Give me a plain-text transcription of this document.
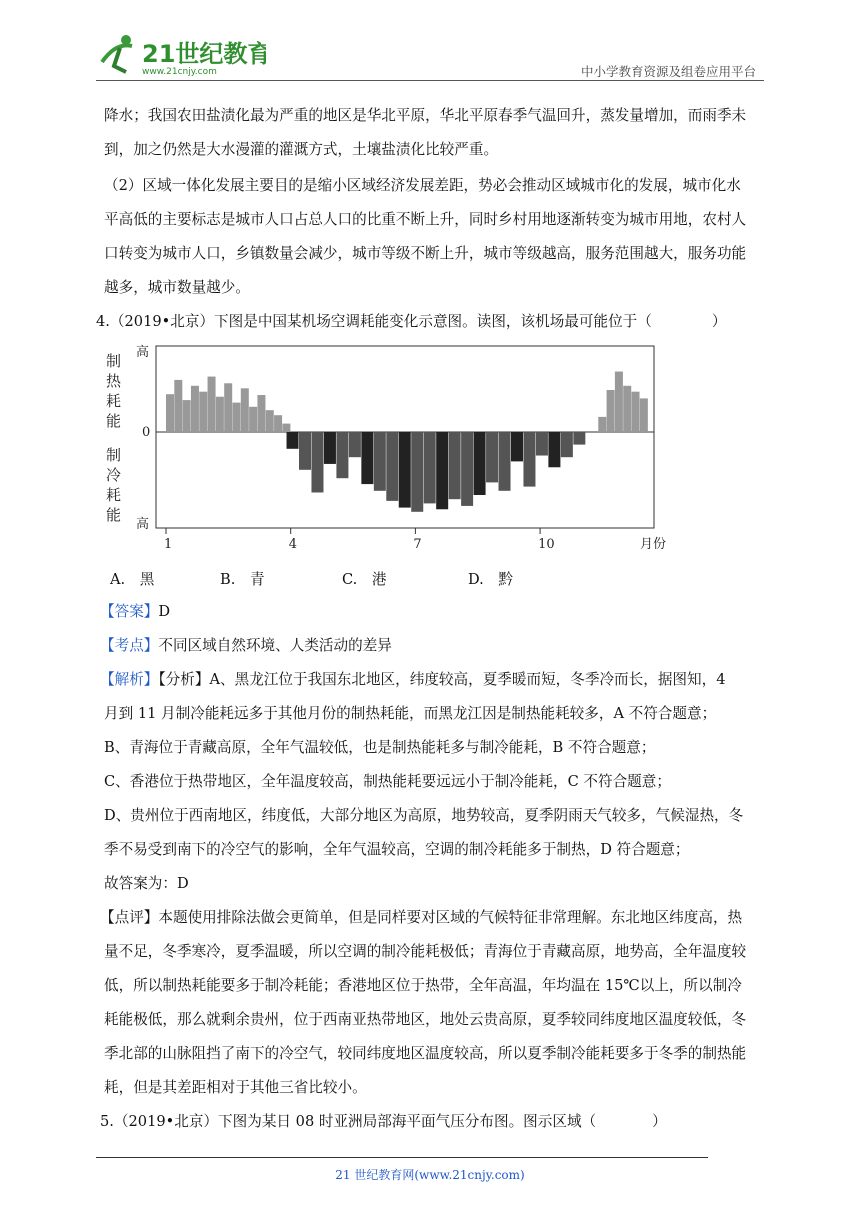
21世纪教育
www.21cnjy.com	中小学教育资源及组卷应用平台
降水；我国农田盐渍化最为严重的地区是华北平原，华北平原春季气温回升，蒸发量增加，而雨季未
到，加之仍然是大水漫灌的灌溉方式，土壤盐渍化比较严重。
（2）区域一体化发展主要目的是缩小区域经济发展差距，势必会推动区域城市化的发展，城市化水
平高低的主要标志是城市人口占总人口的比重不断上升，同时乡村用地逐渐转变为城市用地，农村人
口转变为城市人口，乡镇数量会减少，城市等级不断上升，城市等级越高，服务范围越大，服务功能
越多，城市数量越少。
4.（2019•北京）下图是中国某机场空调耗能变化示意图。读图，该机场最可能位于（	）
制热耗能
制冷耗能
高
0
高
1	4	7	10	月份
A.　黑	B.　青	C.　港	D.　黔
【答案】D
【考点】不同区域自然环境、人类活动的差异
【解析】【分析】A、黑龙江位于我国东北地区，纬度较高，夏季暖而短，冬季冷而长，据图知，4
月到 11 月制冷能耗远多于其他月份的制热耗能，而黑龙江因是制热能耗较多，A 不符合题意；
B、青海位于青藏高原，全年气温较低，也是制热能耗多与制冷能耗，B 不符合题意；
C、香港位于热带地区，全年温度较高，制热能耗要远远小于制冷能耗，C 不符合题意；
D、贵州位于西南地区，纬度低，大部分地区为高原，地势较高，夏季阴雨天气较多，气候湿热，冬
季不易受到南下的冷空气的影响，全年气温较高，空调的制冷耗能多于制热，D 符合题意；
故答案为：D
【点评】本题使用排除法做会更简单，但是同样要对区域的气候特征非常理解。东北地区纬度高，热
量不足，冬季寒冷，夏季温暖，所以空调的制冷能耗极低；青海位于青藏高原，地势高，全年温度较
低，所以制热耗能要多于制冷耗能；香港地区位于热带，全年高温，年均温在 15℃以上，所以制冷
耗能极低，那么就剩余贵州，位于西南亚热带地区，地处云贵高原，夏季较同纬度地区温度较低，冬
季北部的山脉阻挡了南下的冷空气，较同纬度地区温度较高，所以夏季制冷能耗要多于冬季的制热能
耗，但是其差距相对于其他三省比较小。
5.（2019•北京）下图为某日 08 时亚洲局部海平面气压分布图。图示区域（	）
21 世纪教育网(www.21cnjy.com)
